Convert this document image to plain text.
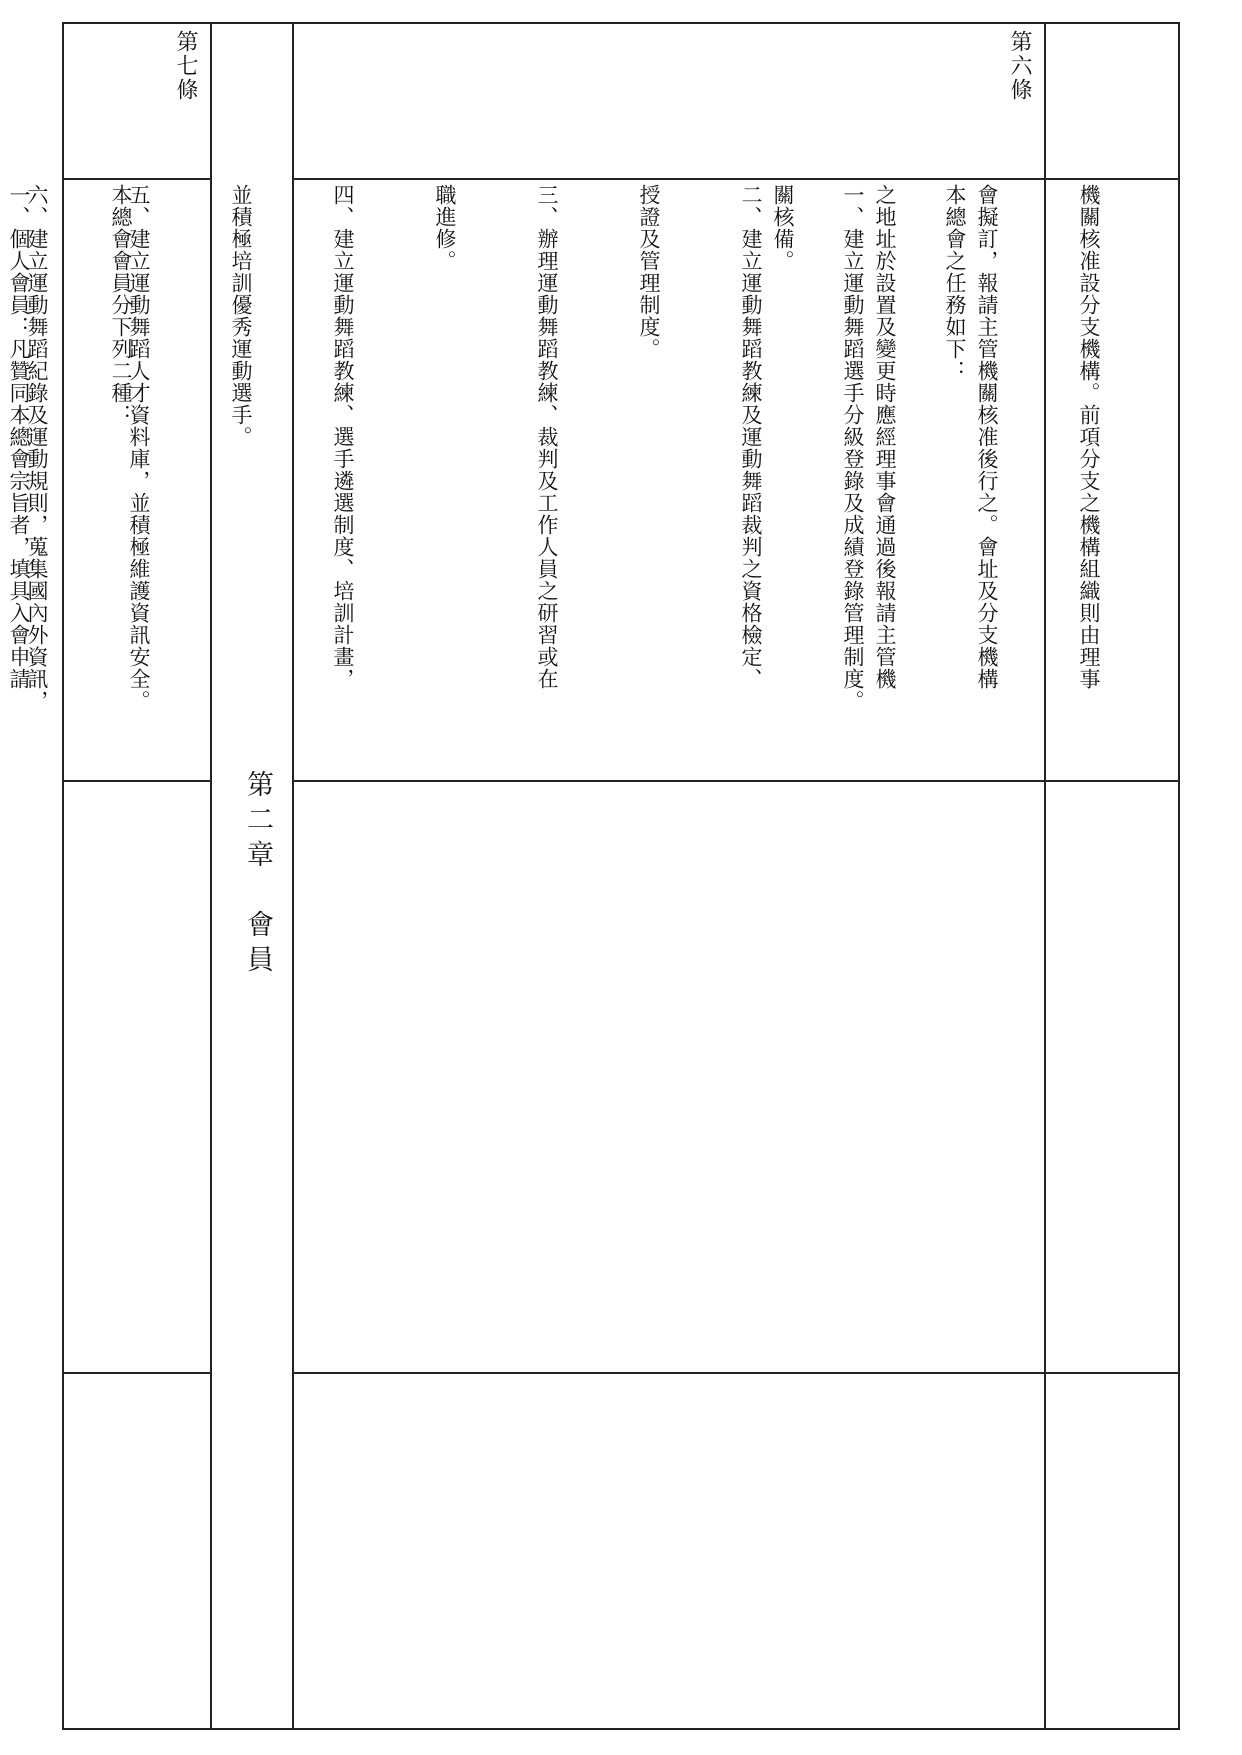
機關核准設分支機構。前項分支之機構組織則由理事

會擬訂，報請主管機關核准後行之。會址及分支機構

之地址於設置及變更時應經理事會通過後報請主管機

關核備。

第六條

本總會之任務如下：

一、建立運動舞蹈選手分級登錄及成績登錄管理制度。

二、建立運動舞蹈教練及運動舞蹈裁判之資格檢定、

授證及管理制度。

三、辦理運動舞蹈教練、裁判及工作人員之研習或在

職進修。

四、建立運動舞蹈教練、選手遴選制度、培訓計畫，

並積極培訓優秀運動選手。

五、建立運動舞蹈人才資料庫，並積極維護資訊安全。

六、建立運動舞蹈紀錄及運動規則，蒐集國內外資訊，

第二章　會員
第七條

本總會會員分下列二種：

一、個人會員：凡贊同本總會宗旨者，填具入會申請
